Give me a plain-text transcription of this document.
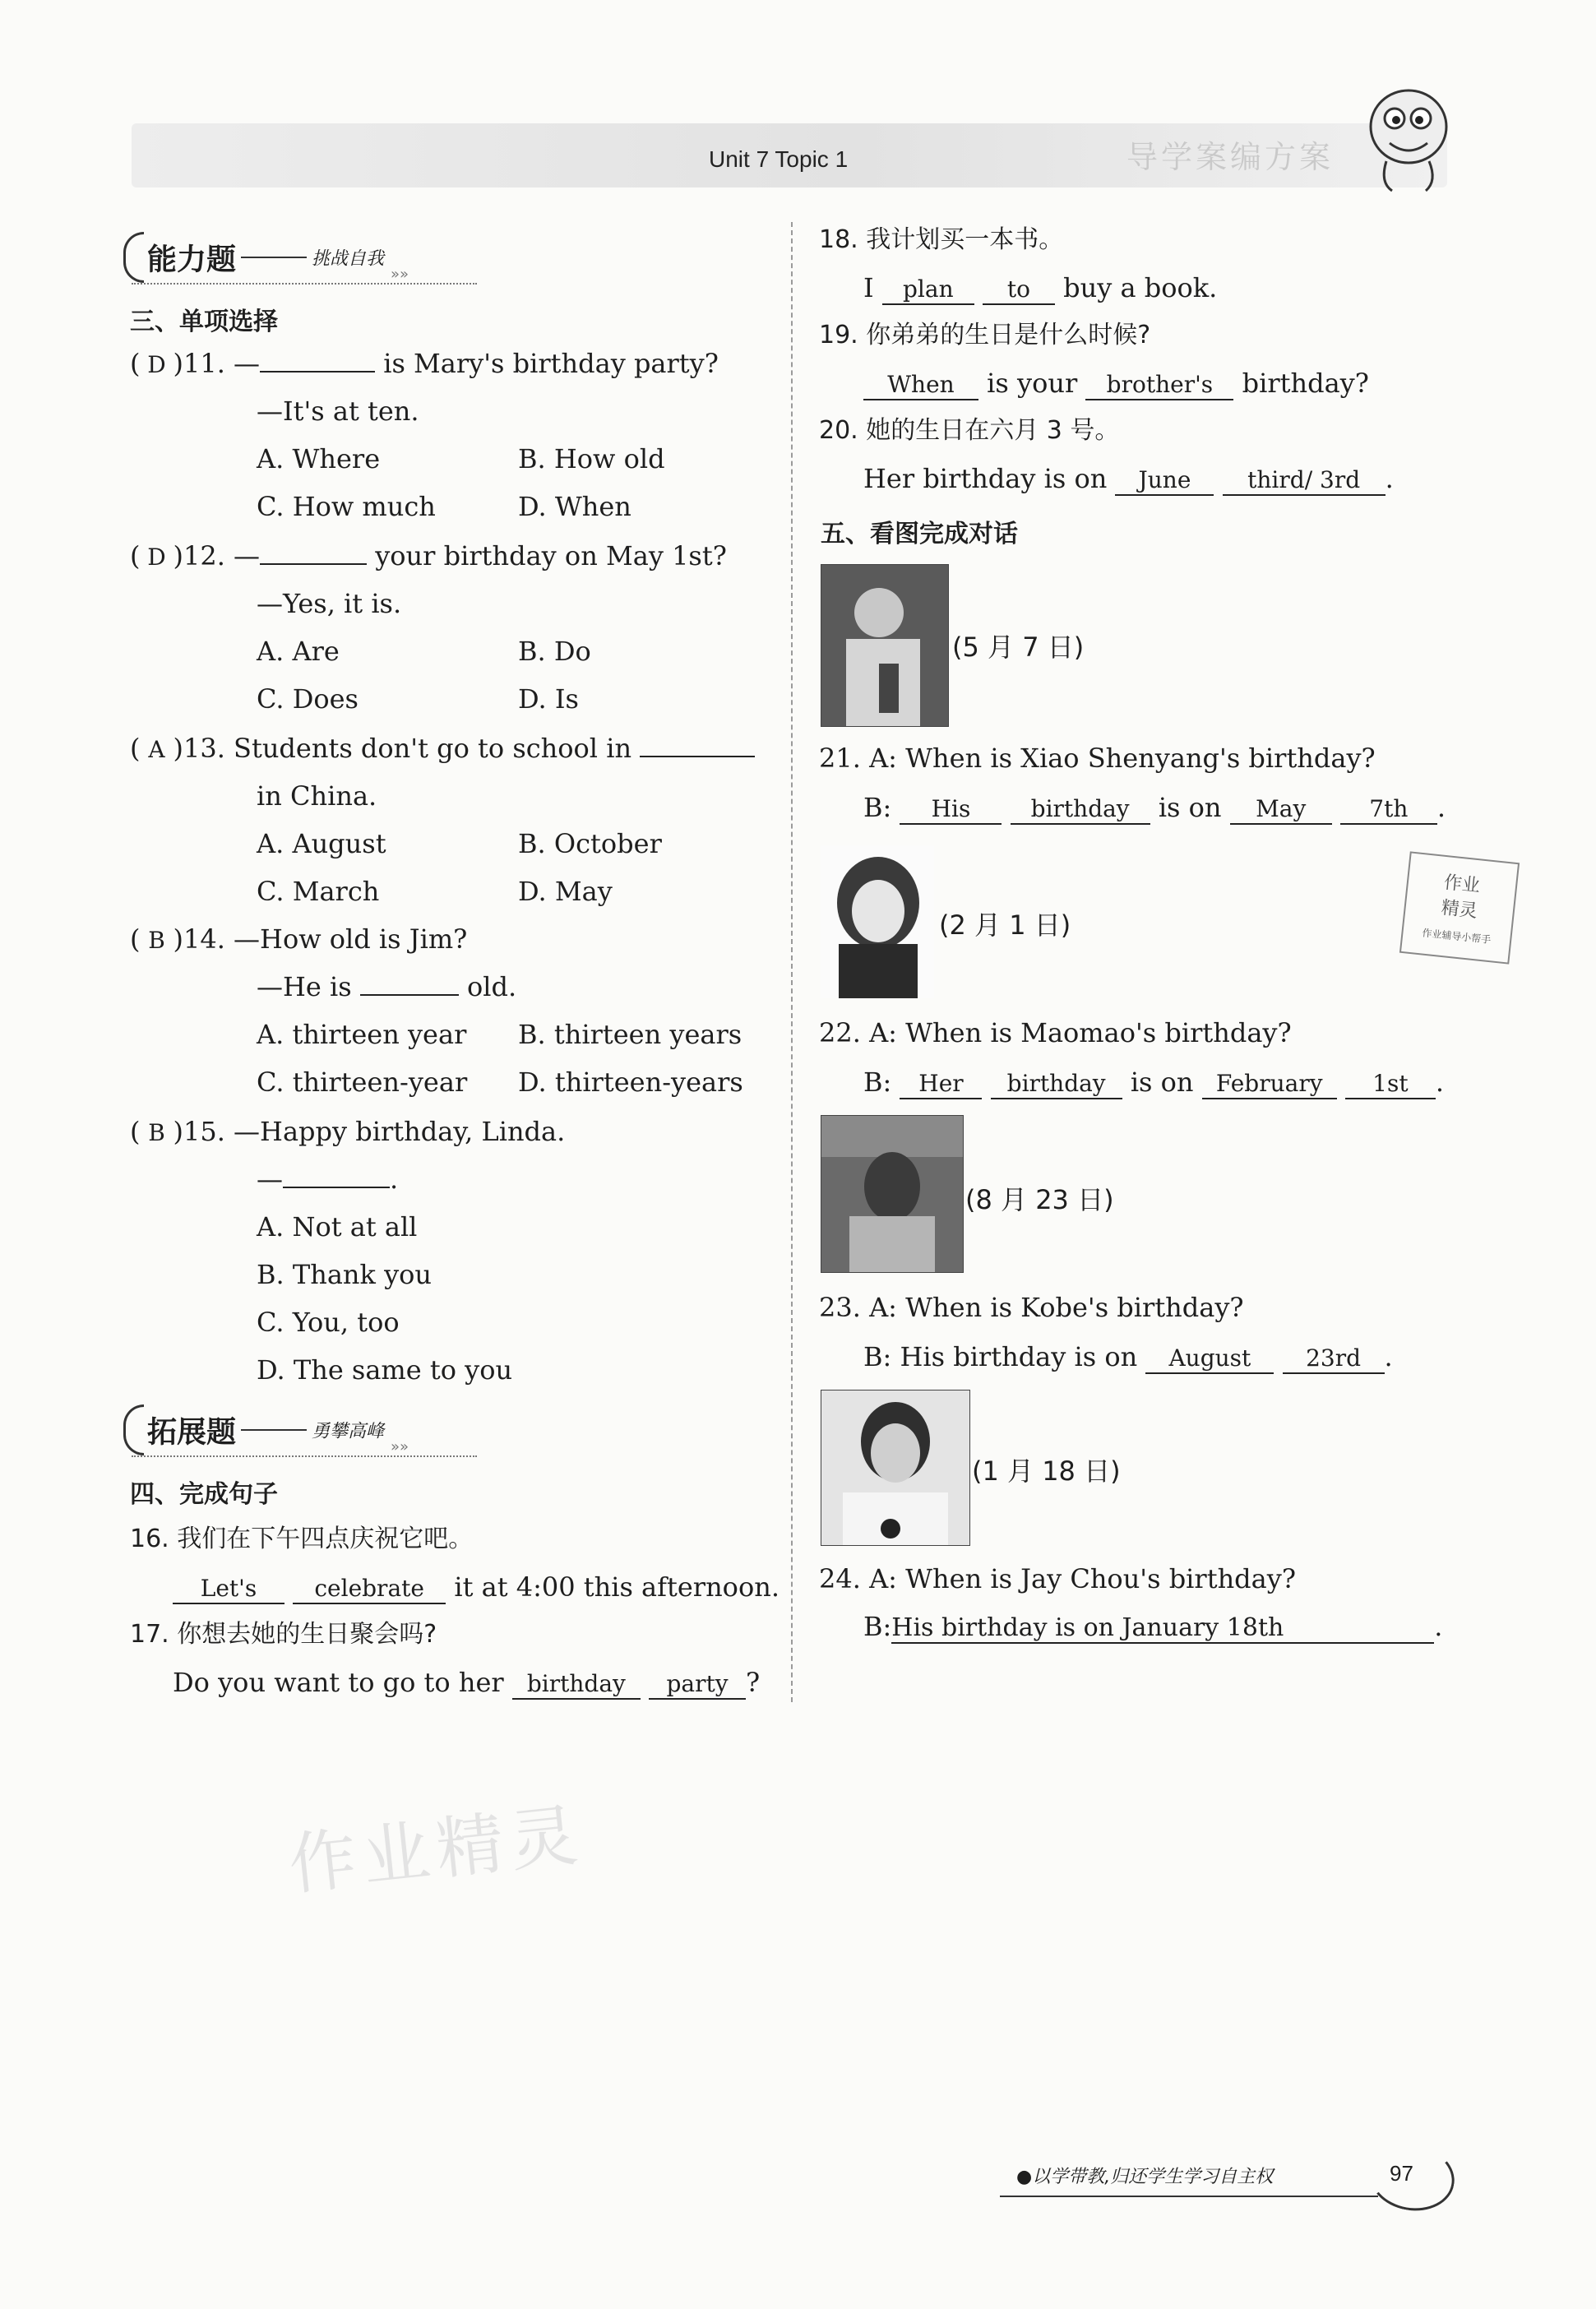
导学案编方案
Unit 7 Topic 1
能力题	挑战自我»»
三、单项选择
( D )11. —	is Mary's birthday party?
—It's at ten.
A. Where	B. How old
C. How much	D. When
( D )12. —	your birthday on May 1st?
—Yes, it is.
A. Are	B. Do
C. Does	D. Is
( A )13. Students don't go to school in
in China.
A. August	B. October
C. March	D. May
( B )14. —How old is Jim?
—He is	old.
A. thirteen year B. thirteen years
C. thirteen-year D. thirteen-years
( B )15. —Happy birthday, Linda.
—	.
A. Not at all
B. Thank you
C. You, too
D. The same to you
拓展题	勇攀高峰»»
四、完成句子
16. 我们在下午四点庆祝它吧。
Let's	celebrate it at 4:00 this afternoon.
17. 你想去她的生日聚会吗?
Do you want to go to her birthday party ?
18. 我计划买一本书。
I plan to buy a book.
19. 你弟弟的生日是什么时候?
When is your brother's birthday?
20. 她的生日在六月 3 号。
Her birthday is on June third/ 3rd .
五、看图完成对话
(5 月 7 日)
21. A: When is Xiao Shenyang's birthday?
B: His	birthday is on May	7th .
(2 月 1 日)
22. A: When is Maomao's birthday?
B: Her birthday is on February 1st .
(8 月 23 日)
23. A: When is Kobe's birthday?
B: His birthday is on August 23rd .
(1 月 18 日)
24. A: When is Jay Chou's birthday?
B:His birthday is on January 18th	.
作业
精灵
作业辅导小帮手
作业精灵
●以学带教,归还学生学习自主权	97
